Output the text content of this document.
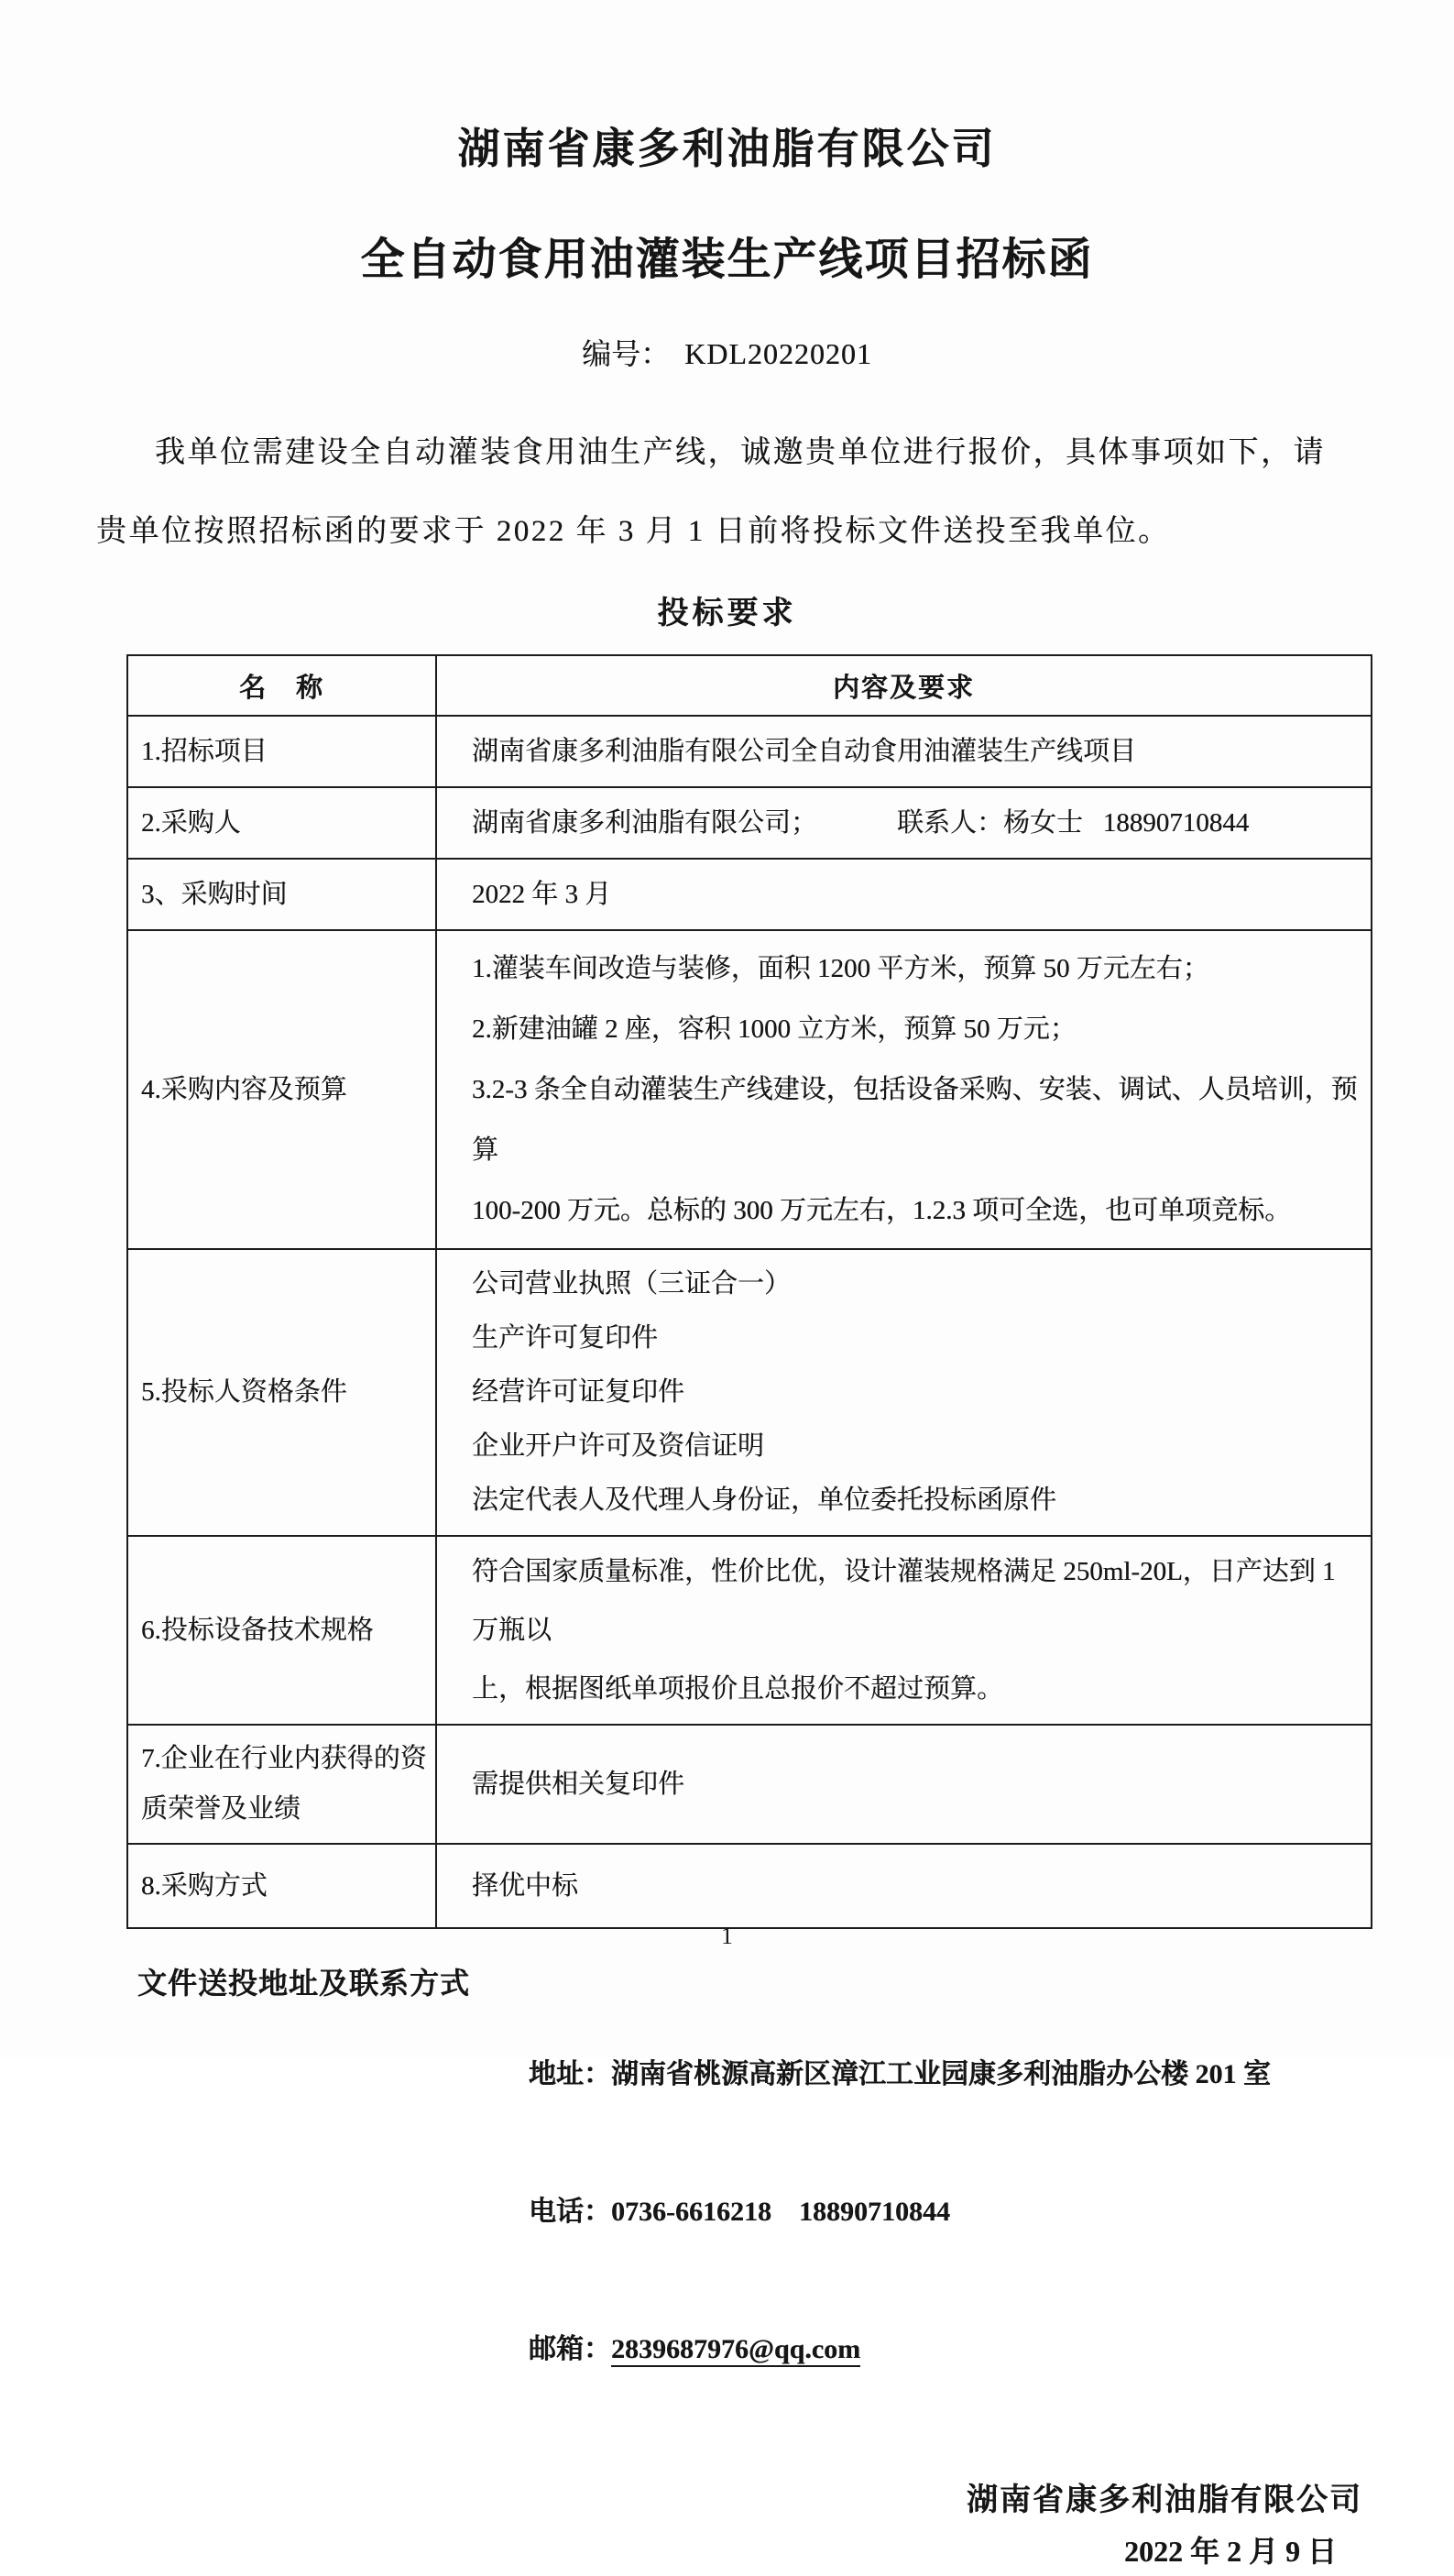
湖南省康多利油脂有限公司
全自动食用油灌装生产线项目招标函
编号： KDL20220201
我单位需建设全自动灌装食用油生产线，诚邀贵单位进行报价，具体事项如下，请
贵单位按照招标函的要求于 2022 年 3 月 1 日前将投标文件送投至我单位。
投标要求
名　称	内容及要求
1.招标项目	湖南省康多利油脂有限公司全自动食用油灌装生产线项目

2.采购人	湖南省康多利油脂有限公司；            联系人：杨女士   18890710844

3、采购时间	2022 年 3 月

4.采购内容及预算	1.灌装车间改造与装修，面积 1200 平方米，预算 50 万元左右；
2.新建油罐 2 座，容积 1000 立方米，预算 50 万元；
3.2-3 条全自动灌装生产线建设，包括设备采购、安装、调试、人员培训，预算
100-200 万元。总标的 300 万元左右，1.2.3 项可全选，也可单项竞标。

5.投标人资格条件	公司营业执照（三证合一）
生产许可复印件
经营许可证复印件
企业开户许可及资信证明
法定代表人及代理人身份证，单位委托投标函原件

6.投标设备技术规格	符合国家质量标准，性价比优，设计灌装规格满足 250ml-20L，日产达到 1 万瓶以
上，根据图纸单项报价且总报价不超过预算。

7.企业在行业内获得的资质荣誉及业绩	需提供相关复印件

8.采购方式	择优中标
文件送投地址及联系方式

地址：湖南省桃源高新区漳江工业园康多利油脂办公楼 201 室

电话：0736-6616218    18890710844

邮箱：2839687976@qq.com

湖南省康多利油脂有限公司
2022 年 2 月 9 日
1
